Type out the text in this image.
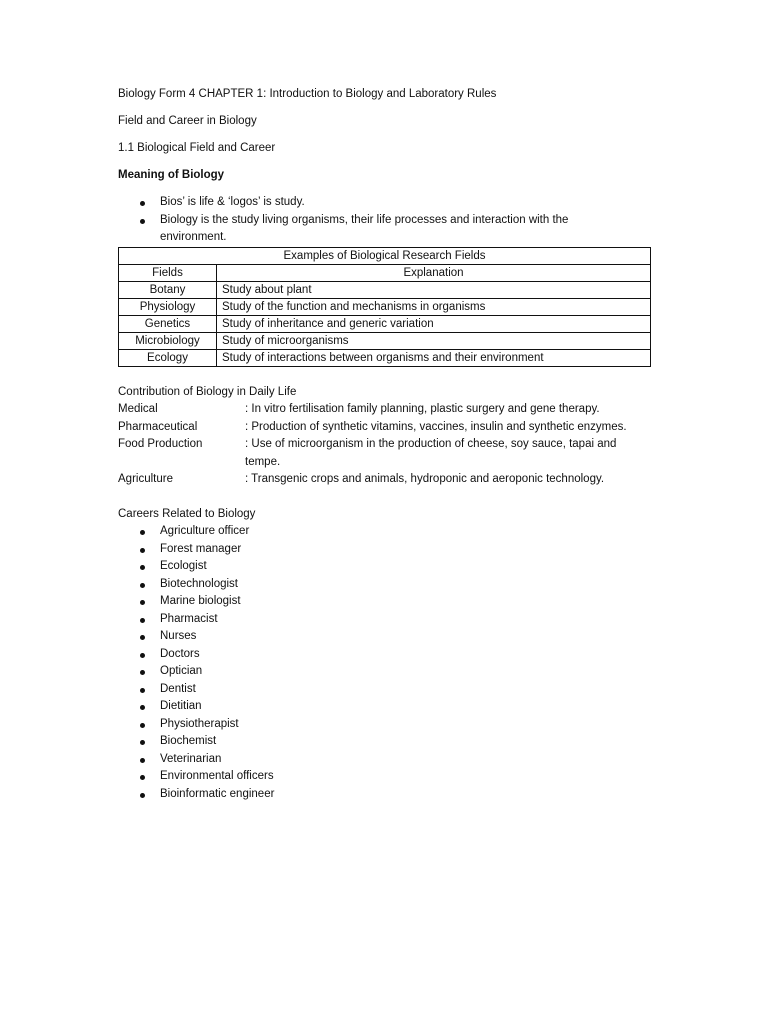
Biology Form 4 CHAPTER 1: Introduction to Biology and Laboratory Rules
Field and Career in Biology
1.1 Biological Field and Career
Meaning of Biology
Bios’ is life & ‘logos’ is study.
Biology is the study living organisms, their life processes and interaction with the environment.
Examples of Biological Research Fields	
Fields	Explanation
Botany	Study about plant
Physiology	Study of the function and mechanisms in organisms
Genetics	Study of inheritance and generic variation
Microbiology	Study of microorganisms
Ecology	Study of interactions between organisms and their environment
Contribution of Biology in Daily Life
Medical	: In vitro fertilisation family planning, plastic surgery and gene therapy.
Pharmaceutical	: Production of synthetic vitamins, vaccines, insulin and synthetic enzymes.
Food Production	: Use of microorganism in the production of cheese, soy sauce, tapai and tempe.
Agriculture	: Transgenic crops and animals, hydroponic and aeroponic technology.
Careers Related to Biology
Agriculture officer
Forest manager
Ecologist
Biotechnologist
Marine biologist
Pharmacist
Nurses
Doctors
Optician
Dentist
Dietitian
Physiotherapist
Biochemist
Veterinarian
Environmental officers
Bioinformatic engineer
